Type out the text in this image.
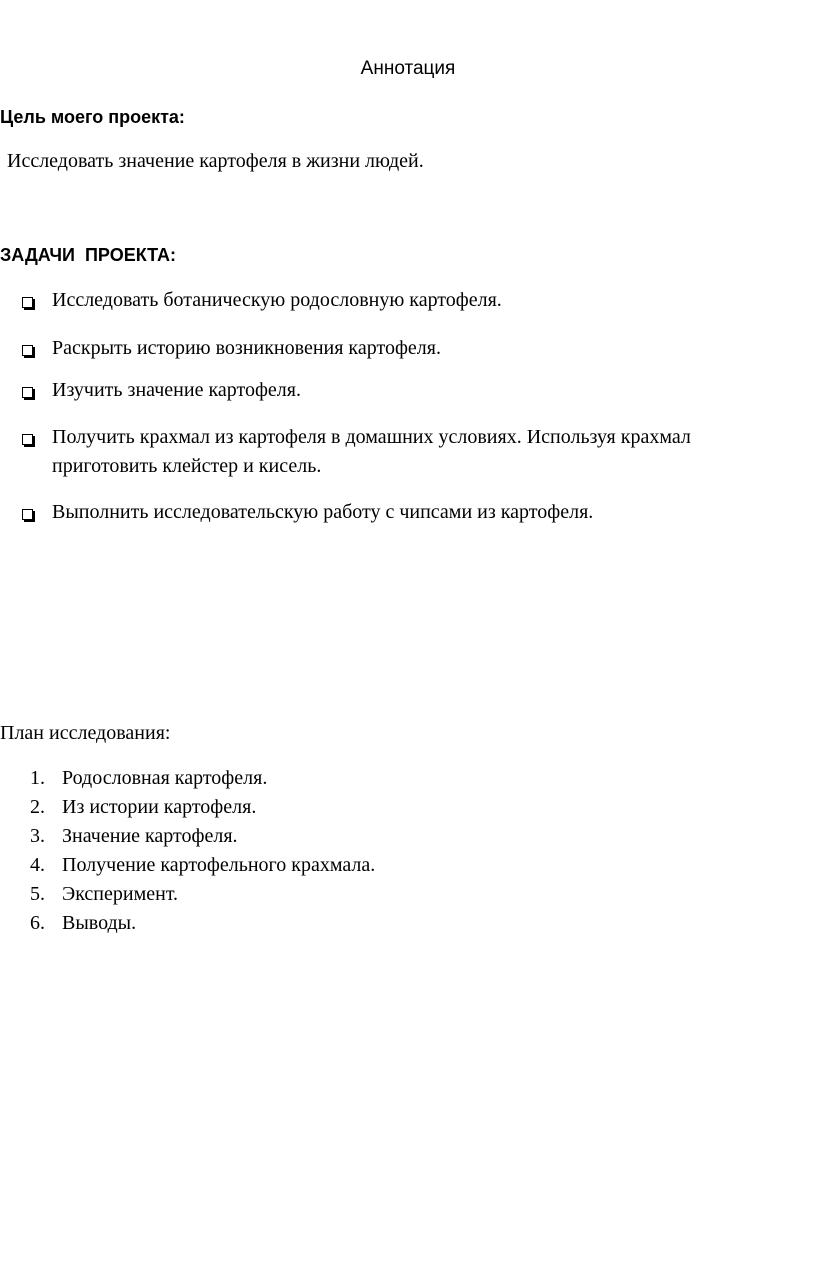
Аннотация
Цель моего проекта:
Исследовать значение картофеля в жизни людей.
ЗАДАЧИ  ПРОЕКТА:
Исследовать ботаническую родословную картофеля.
Раскрыть историю возникновения картофеля.
Изучить значение картофеля.
Получить крахмал из картофеля в домашних условиях. Используя крахмал приготовить клейстер и кисель.
Выполнить исследовательскую работу с чипсами из картофеля.
План исследования:
1. Родословная картофеля.
2. Из истории картофеля.
3. Значение картофеля.
4. Получение картофельного крахмала.
5. Эксперимент.
6. Выводы.
